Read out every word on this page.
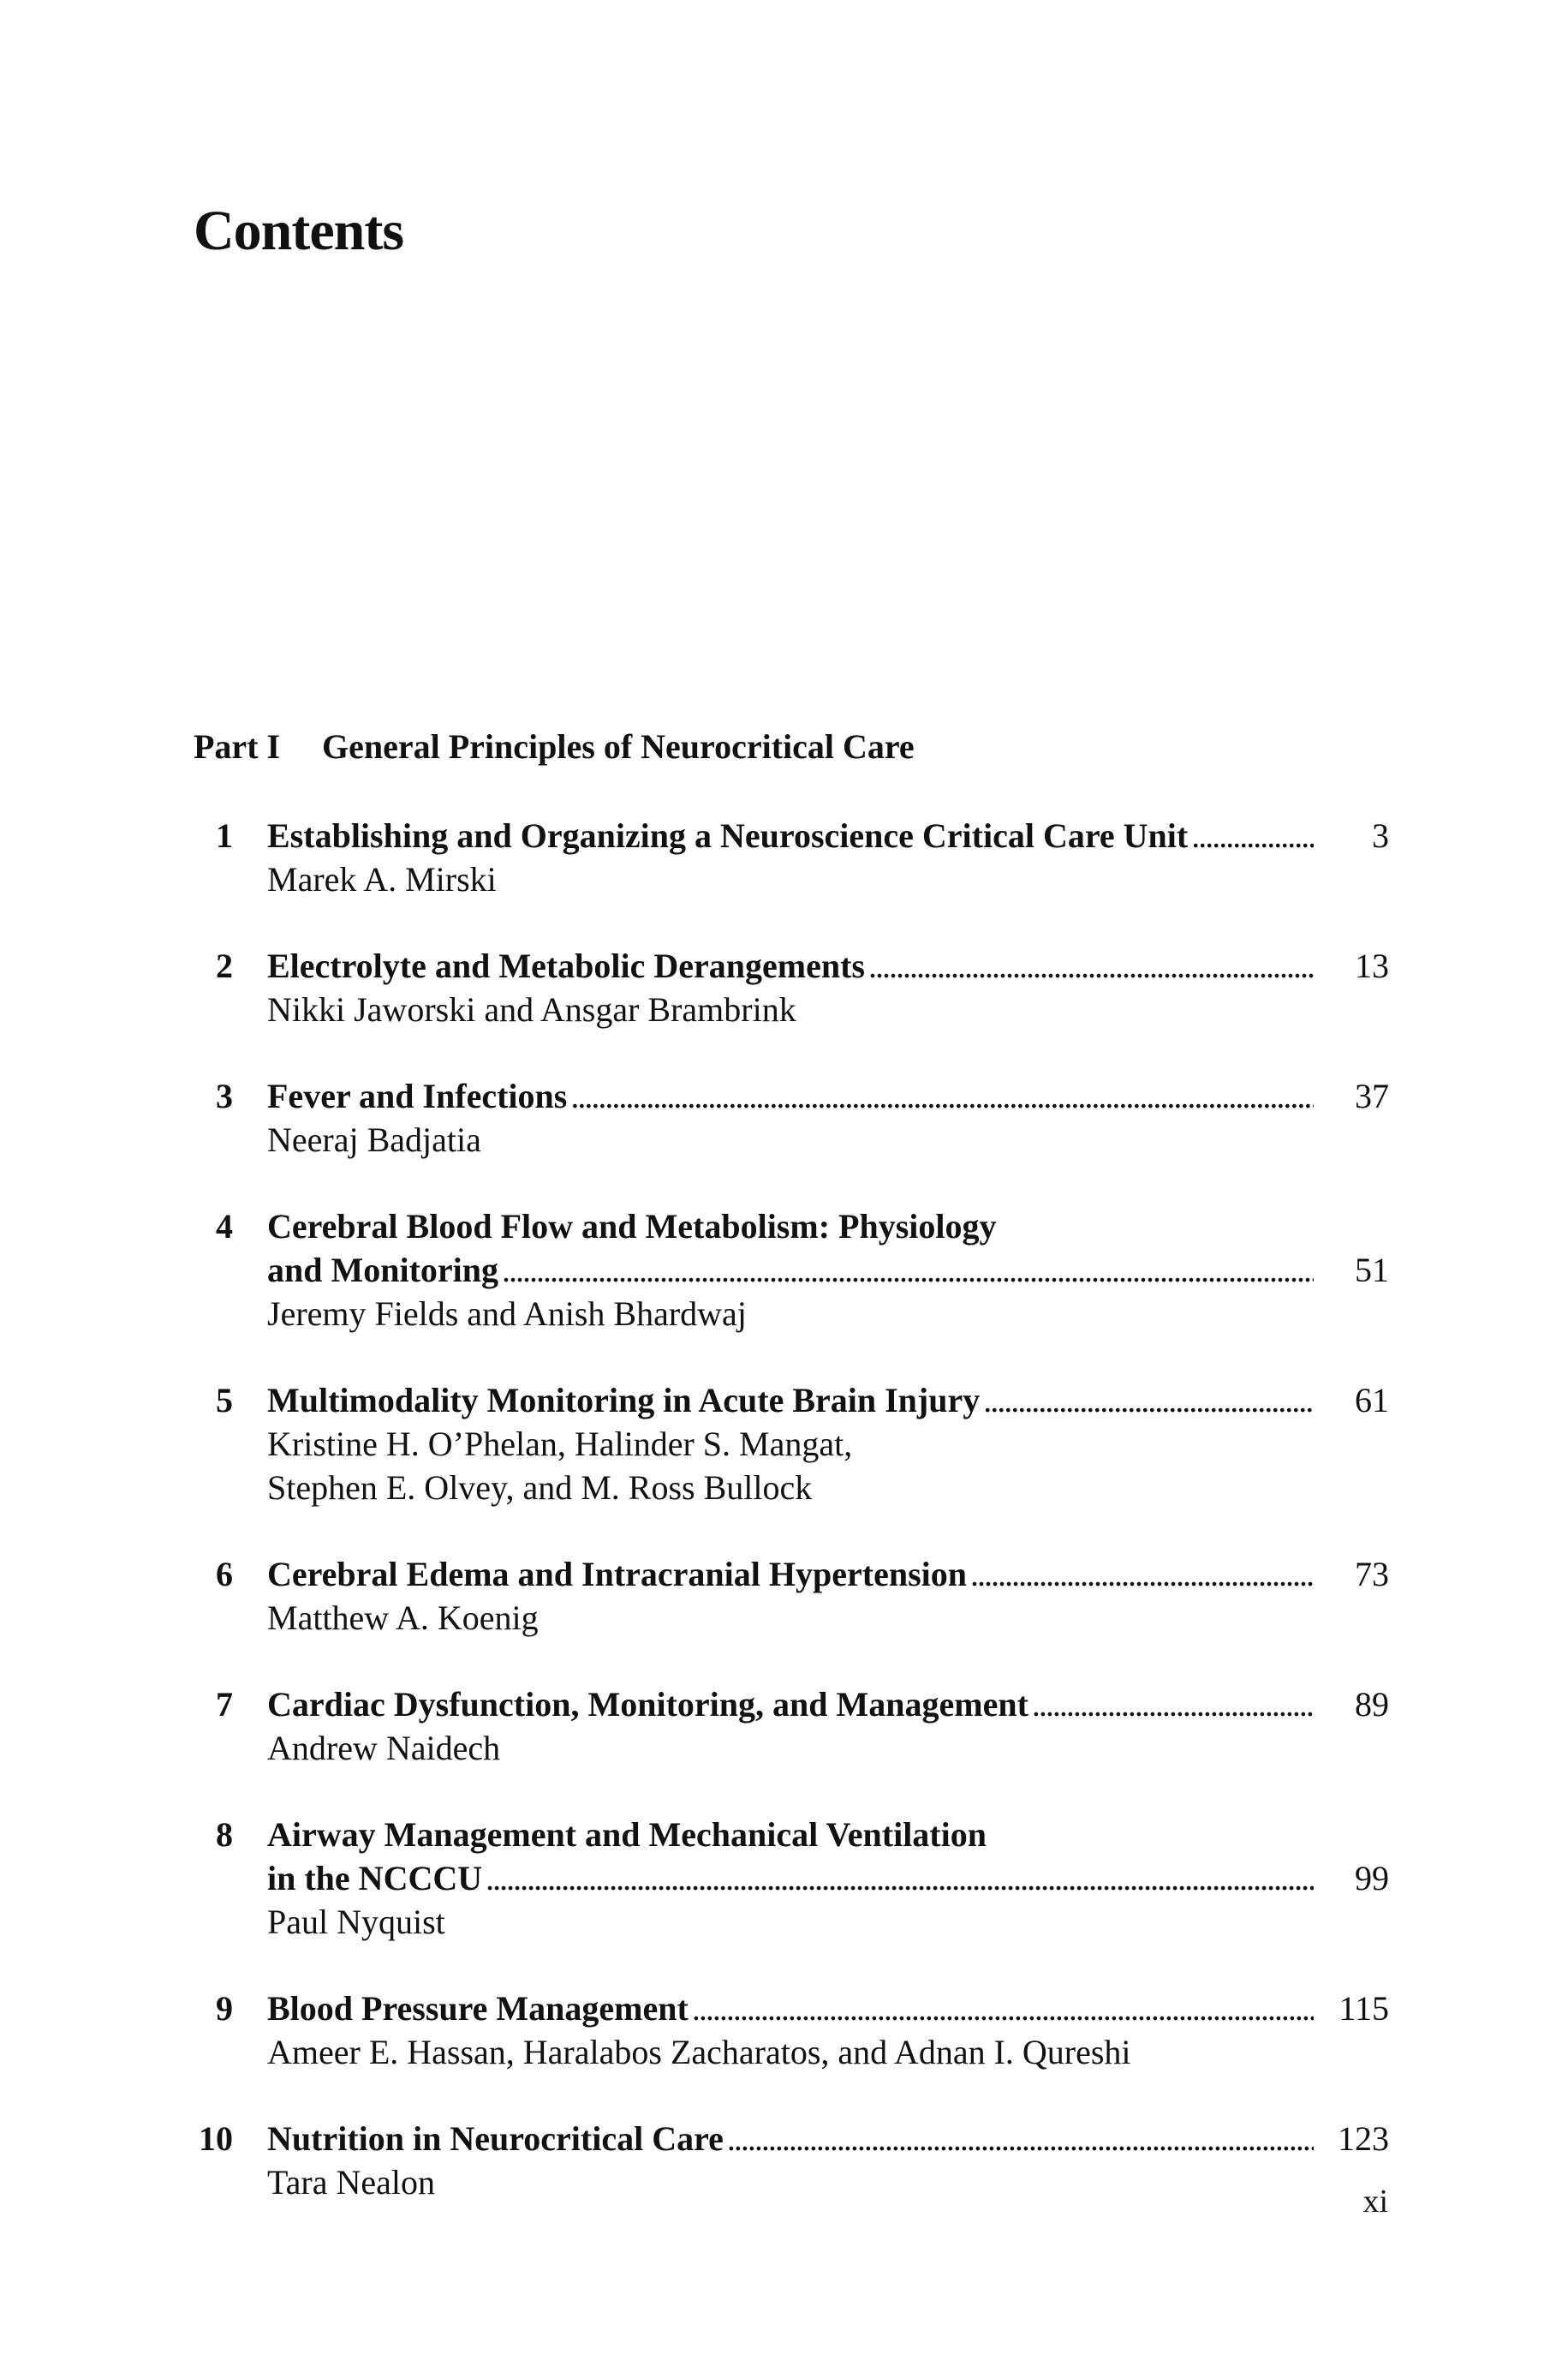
Contents
Part I General Principles of Neurocritical Care
1 Establishing and Organizing a Neuroscience Critical Care Unit . . .	3
Marek A. Mirski
2 Electrolyte and Metabolic Derangements . . .	13
Nikki Jaworski and Ansgar Brambrink
3 Fever and Infections . . .	37
Neeraj Badjatia
4 Cerebral Blood Flow and Metabolism: Physiology
and Monitoring . . .	51
Jeremy Fields and Anish Bhardwaj
5 Multimodality Monitoring in Acute Brain Injury . . .	61
Kristine H. O’Phelan, Halinder S. Mangat,
Stephen E. Olvey, and M. Ross Bullock
6 Cerebral Edema and Intracranial Hypertension . . .	73
Matthew A. Koenig
7 Cardiac Dysfunction, Monitoring, and Management . . .	89
Andrew Naidech
8 Airway Management and Mechanical Ventilation
in the NCCCU . . .	99
Paul Nyquist
9 Blood Pressure Management . . .	115
Ameer E. Hassan, Haralabos Zacharatos, and Adnan I. Qureshi
10 Nutrition in Neurocritical Care . . .	123
Tara Nealon	xi
